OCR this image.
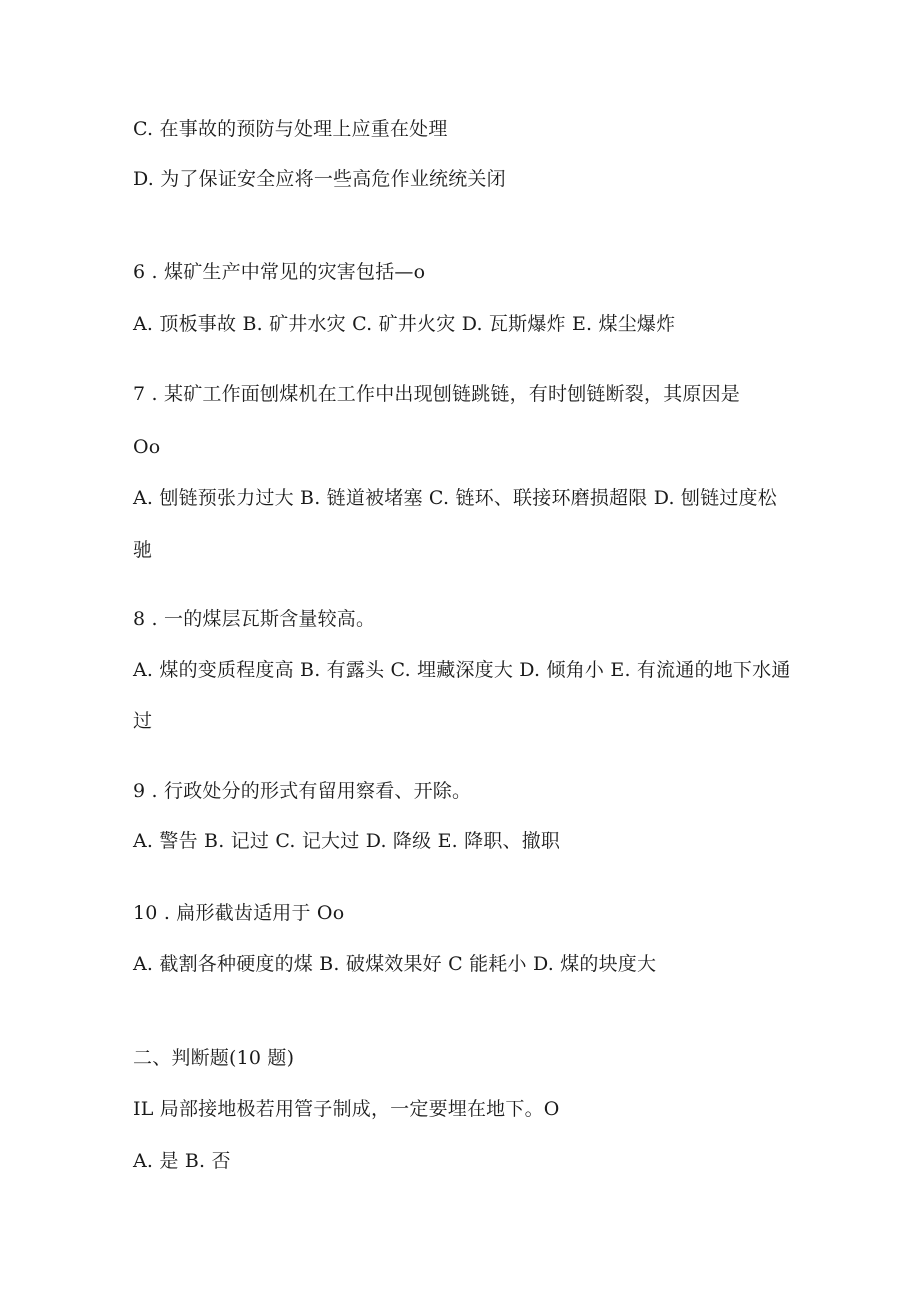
C. 在事故的预防与处理上应重在处理
D. 为了保证安全应将一些高危作业统统关闭
6 . 煤矿生产中常见的灾害包括—o
A. 顶板事故 B. 矿井水灾 C. 矿井火灾 D. 瓦斯爆炸 E. 煤尘爆炸
7 . 某矿工作面刨煤机在工作中出现刨链跳链，有时刨链断裂，其原因是
Oo
A. 刨链预张力过大 B. 链道被堵塞 C. 链环、联接环磨损超限 D. 刨链过度松
驰
8 . 一的煤层瓦斯含量较高。
A. 煤的变质程度高 B. 有露头 C. 埋藏深度大 D. 倾角小 E. 有流通的地下水通
过
9 . 行政处分的形式有留用察看、开除。
A. 警告 B. 记过 C. 记大过 D. 降级 E. 降职、撤职
10 . 扁形截齿适用于 Oo
A. 截割各种硬度的煤 B. 破煤效果好 C 能耗小 D. 煤的块度大
二、判断题(10 题)
IL 局部接地极若用管子制成，一定要埋在地下。O
A. 是 B. 否
